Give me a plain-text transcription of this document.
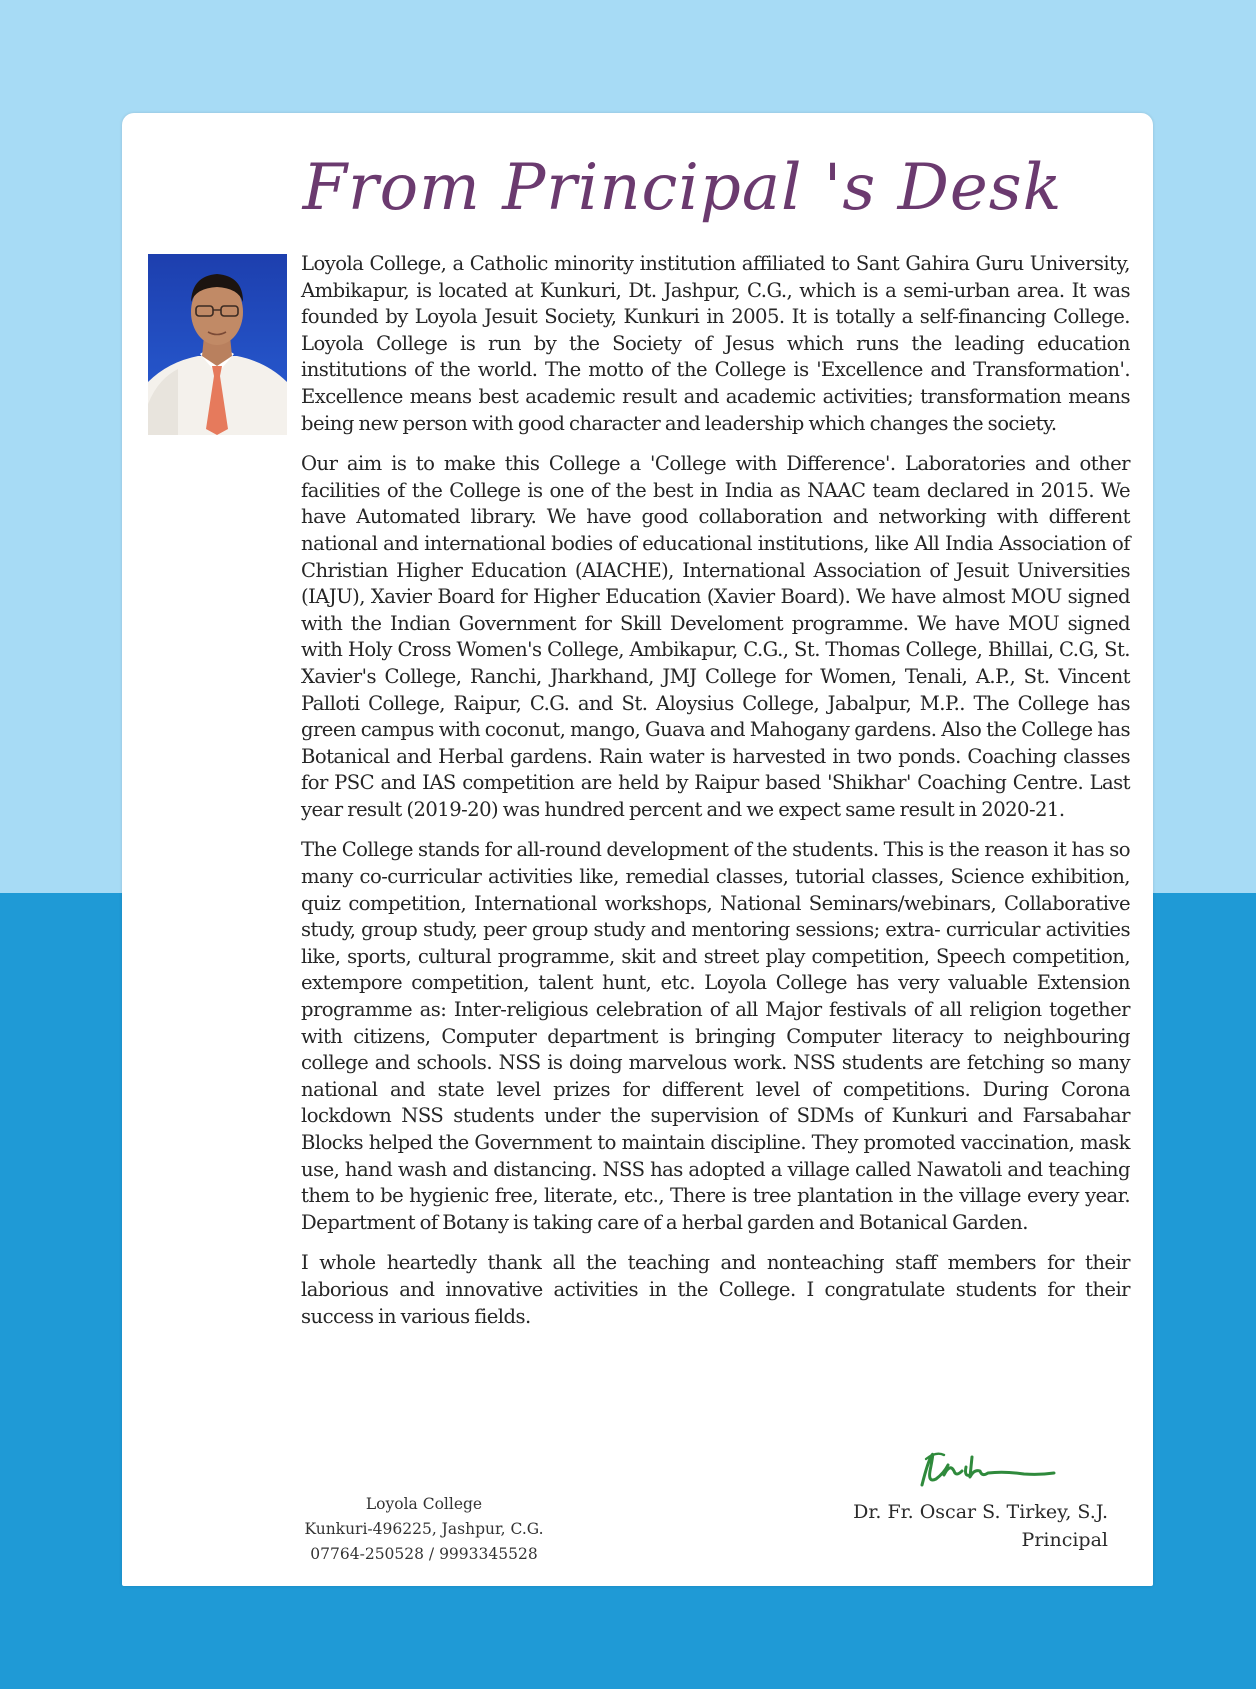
From Principal 's Desk

Loyola College, a Catholic minority institution affiliated to Sant Gahira Guru University, Ambikapur, is located at Kunkuri, Dt. Jashpur, C.G., which is a semi-urban area. It was founded by Loyola Jesuit Society, Kunkuri in 2005. It is totally a self-financing College. Loyola College is run by the Society of Jesus which runs the leading education institutions of the world. The motto of the College is 'Excellence and Transformation'. Excellence means best academic result and academic activities; transformation means being new person with good character and leadership which changes the society.

Our aim is to make this College a 'College with Difference'. Laboratories and other facilities of the College is one of the best in India as NAAC team declared in 2015. We have Automated library. We have good collaboration and networking with different national and international bodies of educational institutions, like All India Association of Christian Higher Education (AIACHE), International Association of Jesuit Universities (IAJU), Xavier Board for Higher Education (Xavier Board). We have almost MOU signed with the Indian Government for Skill Develoment programme. We have MOU signed with Holy Cross Women's College, Ambikapur, C.G., St. Thomas College, Bhillai, C.G, St. Xavier's College, Ranchi, Jharkhand, JMJ College for Women, Tenali, A.P., St. Vincent Palloti College, Raipur, C.G. and St. Aloysius College, Jabalpur, M.P.. The College has green campus with coconut, mango, Guava and Mahogany gardens. Also the College has Botanical and Herbal gardens. Rain water is harvested in two ponds. Coaching classes for PSC and IAS competition are held by Raipur based 'Shikhar' Coaching Centre. Last year result (2019-20) was hundred percent and we expect same result in 2020-21.

The College stands for all-round development of the students. This is the reason it has so many co-curricular activities like, remedial classes, tutorial classes, Science exhibition, quiz competition, International workshops, National Seminars/webinars, Collaborative study, group study, peer group study and mentoring sessions; extra- curricular activities like, sports, cultural programme, skit and street play competition, Speech competition, extempore competition, talent hunt, etc. Loyola College has very valuable Extension programme as: Inter-religious celebration of all Major festivals of all religion together with citizens, Computer department is bringing Computer literacy to neighbouring college and schools. NSS is doing marvelous work. NSS students are fetching so many national and state level prizes for different level of competitions. During Corona lockdown NSS students under the supervision of SDMs of Kunkuri and Farsabahar Blocks helped the Government to maintain discipline. They promoted vaccination, mask use, hand wash and distancing. NSS has adopted a village called Nawatoli and teaching them to be hygienic free, literate, etc., There is tree plantation in the village every year. Department of Botany is taking care of a herbal garden and Botanical Garden.

I whole heartedly thank all the teaching and nonteaching staff members for their laborious and innovative activities in the College. I congratulate students for their success in various fields.

Loyola College
Kunkuri-496225, Jashpur, C.G.
07764-250528 / 9993345528
Dr. Fr. Oscar S. Tirkey, S.J.
Principal
